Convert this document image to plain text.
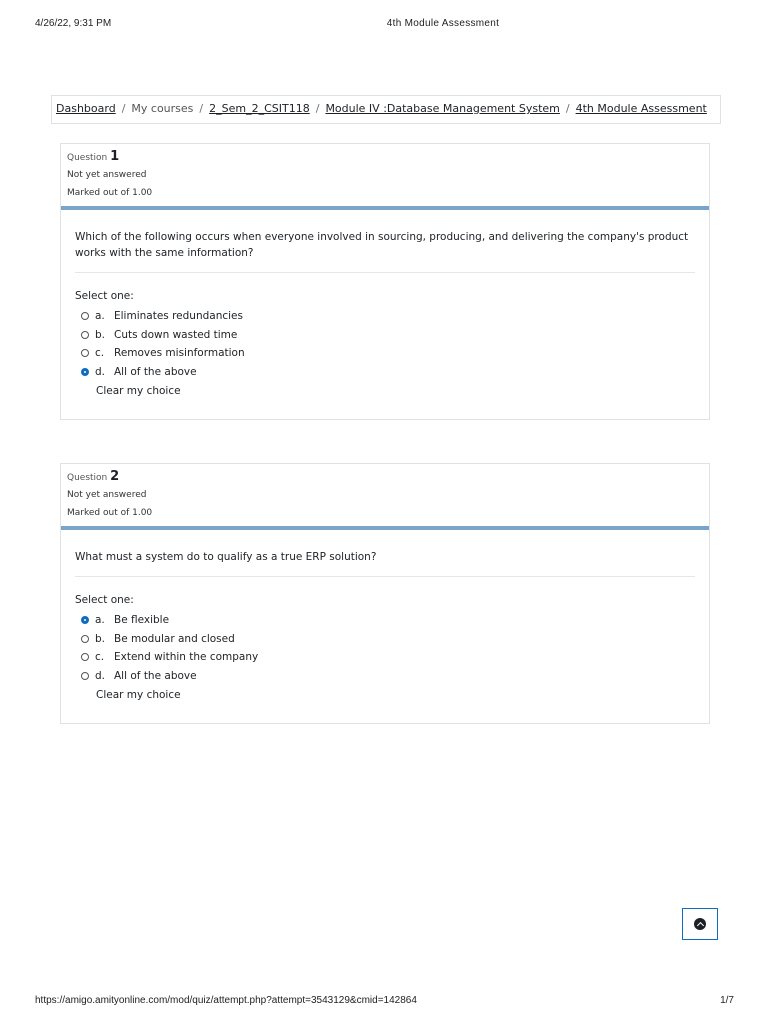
4/26/22, 9:31 PM	4th Module Assessment
Dashboard / My courses / 2_Sem_2_CSIT118 / Module IV :Database Management System / 4th Module Assessment
Question 1
Not yet answered
Marked out of 1.00
Which of the following occurs when everyone involved in sourcing, producing, and delivering the company's product works with the same information?
Select one:
a. Eliminates redundancies
b. Cuts down wasted time
c. Removes misinformation
d. All of the above
Clear my choice
Question 2
Not yet answered
Marked out of 1.00
What must a system do to qualify as a true ERP solution?
Select one:
a. Be flexible
b. Be modular and closed
c. Extend within the company
d. All of the above
Clear my choice
https://amigo.amityonline.com/mod/quiz/attempt.php?attempt=3543129&cmid=142864	1/7
